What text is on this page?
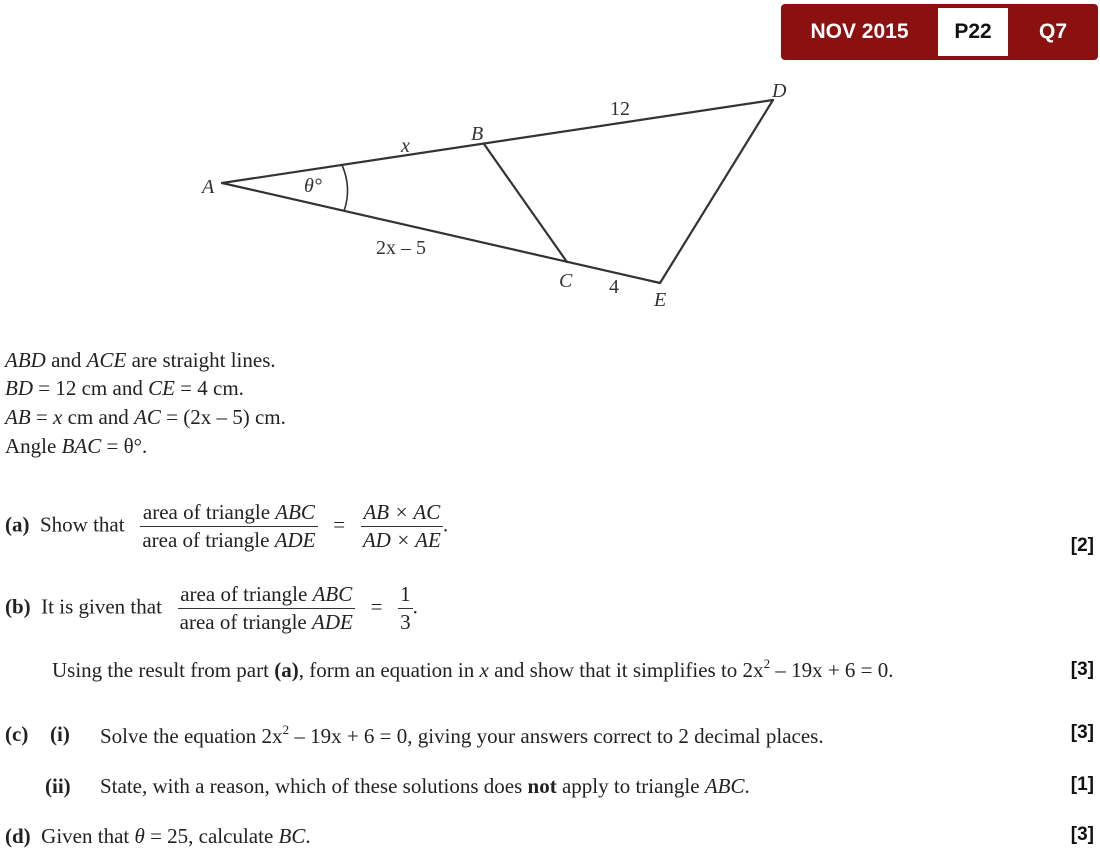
NOV 2015	P22	Q7
A
B
C
D
E
x
12
2x – 5
4
θ°
ABD and ACE are straight lines.
BD = 12 cm and CE = 4 cm.
AB = x cm and AC = (2x – 5) cm.
Angle BAC = θ°.
(a) Show that $\frac{\text{area of triangle ABC}}{\text{area of triangle ADE}} = \frac{AB \times AC}{AD \times AE}$ .
[2]
(b) It is given that $\frac{\text{area of triangle ABC}}{\text{area of triangle ADE}} = \frac{1}{3}$ .
Using the result from part (a), form an equation in x and show that it simplifies to $2x^2 - 19x + 6 = 0$.	[3]
(c) (i) Solve the equation $2x^2 - 19x + 6 = 0$, giving your answers correct to 2 decimal places.	[3]
(ii) State, with a reason, which of these solutions does not apply to triangle ABC.	[1]
(d) Given that θ = 25, calculate BC.	[3]
